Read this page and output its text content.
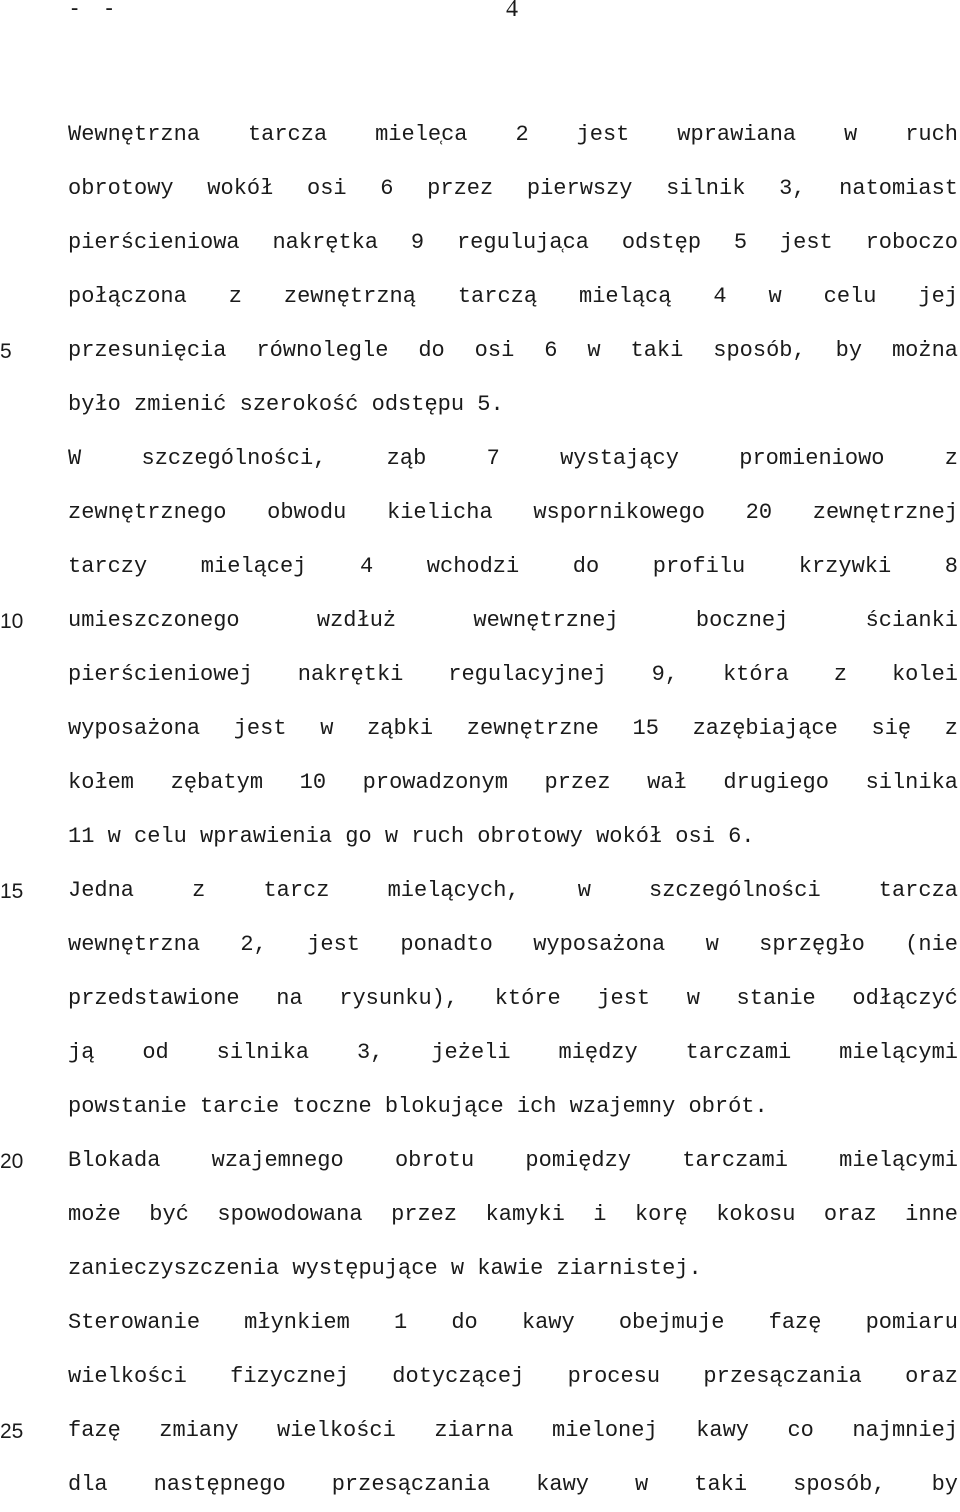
- -	4
5
10
15
20
25
Wewnętrzna tarcza miele̜ca 2 jest wprawiana w ruch
obrotowy wokół osi 6 przez pierwszy silnik 3, natomiast
pierścieniowa nakrętka 9 reguluja̜ca odstęp 5 jest roboczo
połączona z zewnętrzną tarczą mielącą 4 w celu jej
przesunięcia równolegle do osi 6 w taki sposób, by można
było zmienić szerokość odstępu 5.
W szczególności, ząb 7 wystający promieniowo z
zewnętrznego obwodu kielicha wspornikowego 20 zewnętrznej
tarczy mielącej 4 wchodzi do profilu krzywki 8
umieszczonego wzdłuż wewnętrznej bocznej ścianki
pierścieniowej nakrętki regulacyjnej 9, która z kolei
wyposażona jest w ząbki zewnętrzne 15 zazębiające się z
kołem zębatym 10 prowadzonym przez wał drugiego silnika
11 w celu wprawienia go w ruch obrotowy wokół osi 6.
Jedna z tarcz mielących, w szczególności tarcza
wewnętrzna 2, jest ponadto wyposażona w sprzęgło (nie
przedstawione na rysunku), które jest w stanie odłączyć
ją od silnika 3, jeżeli między tarczami mielącymi
powstanie tarcie toczne blokujące ich wzajemny obrót.
Blokada wzajemnego obrotu pomiędzy tarczami mielącymi
może być spowodowana przez kamyki i korę kokosu oraz inne
zanieczyszczenia występujące w kawie ziarnistej.
Sterowanie młynkiem 1 do kawy obejmuje fazę pomiaru
wielkości fizycznej dotyczącej procesu przesączania oraz
fazę zmiany wielkości ziarna mielonej kawy co najmniej
dla następnego przesączania kawy w taki sposób, by
